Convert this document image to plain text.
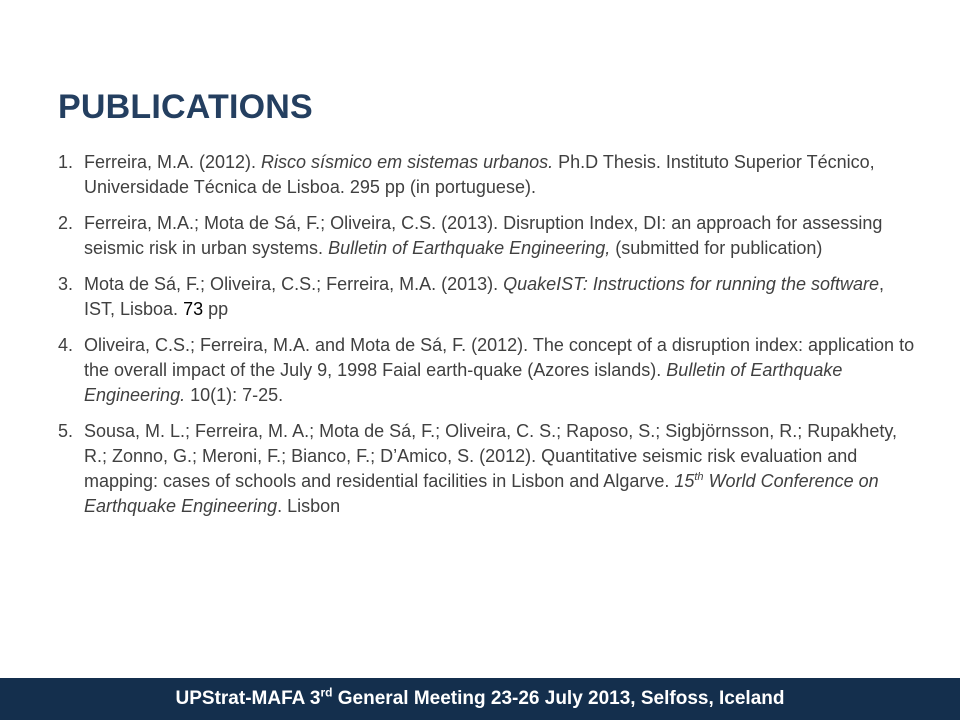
PUBLICATIONS
1. Ferreira, M.A. (2012). Risco sísmico em sistemas urbanos. Ph.D Thesis. Instituto Superior Técnico, Universidade Técnica de Lisboa. 295 pp (in portuguese).
2. Ferreira, M.A.; Mota de Sá, F.; Oliveira, C.S. (2013). Disruption Index, DI: an approach for assessing seismic risk in urban systems. Bulletin of Earthquake Engineering, (submitted for publication)
3. Mota de Sá, F.; Oliveira, C.S.; Ferreira, M.A. (2013). QuakeIST: Instructions for running the software, IST, Lisboa. 73 pp
4. Oliveira, C.S.; Ferreira, M.A. and Mota de Sá, F. (2012). The concept of a disruption index: application to the overall impact of the July 9, 1998 Faial earth-quake (Azores islands). Bulletin of Earthquake Engineering. 10(1): 7-25.
5. Sousa, M. L.; Ferreira, M. A.; Mota de Sá, F.; Oliveira, C. S.; Raposo, S.; Sigbjörnsson, R.; Rupakhety, R.; Zonno, G.; Meroni, F.; Bianco, F.; D’Amico, S. (2012). Quantitative seismic risk evaluation and mapping: cases of schools and residential facilities in Lisbon and Algarve. 15th World Conference on Earthquake Engineering. Lisbon
UPStrat-MAFA 3rd General Meeting 23-26 July 2013, Selfoss, Iceland
